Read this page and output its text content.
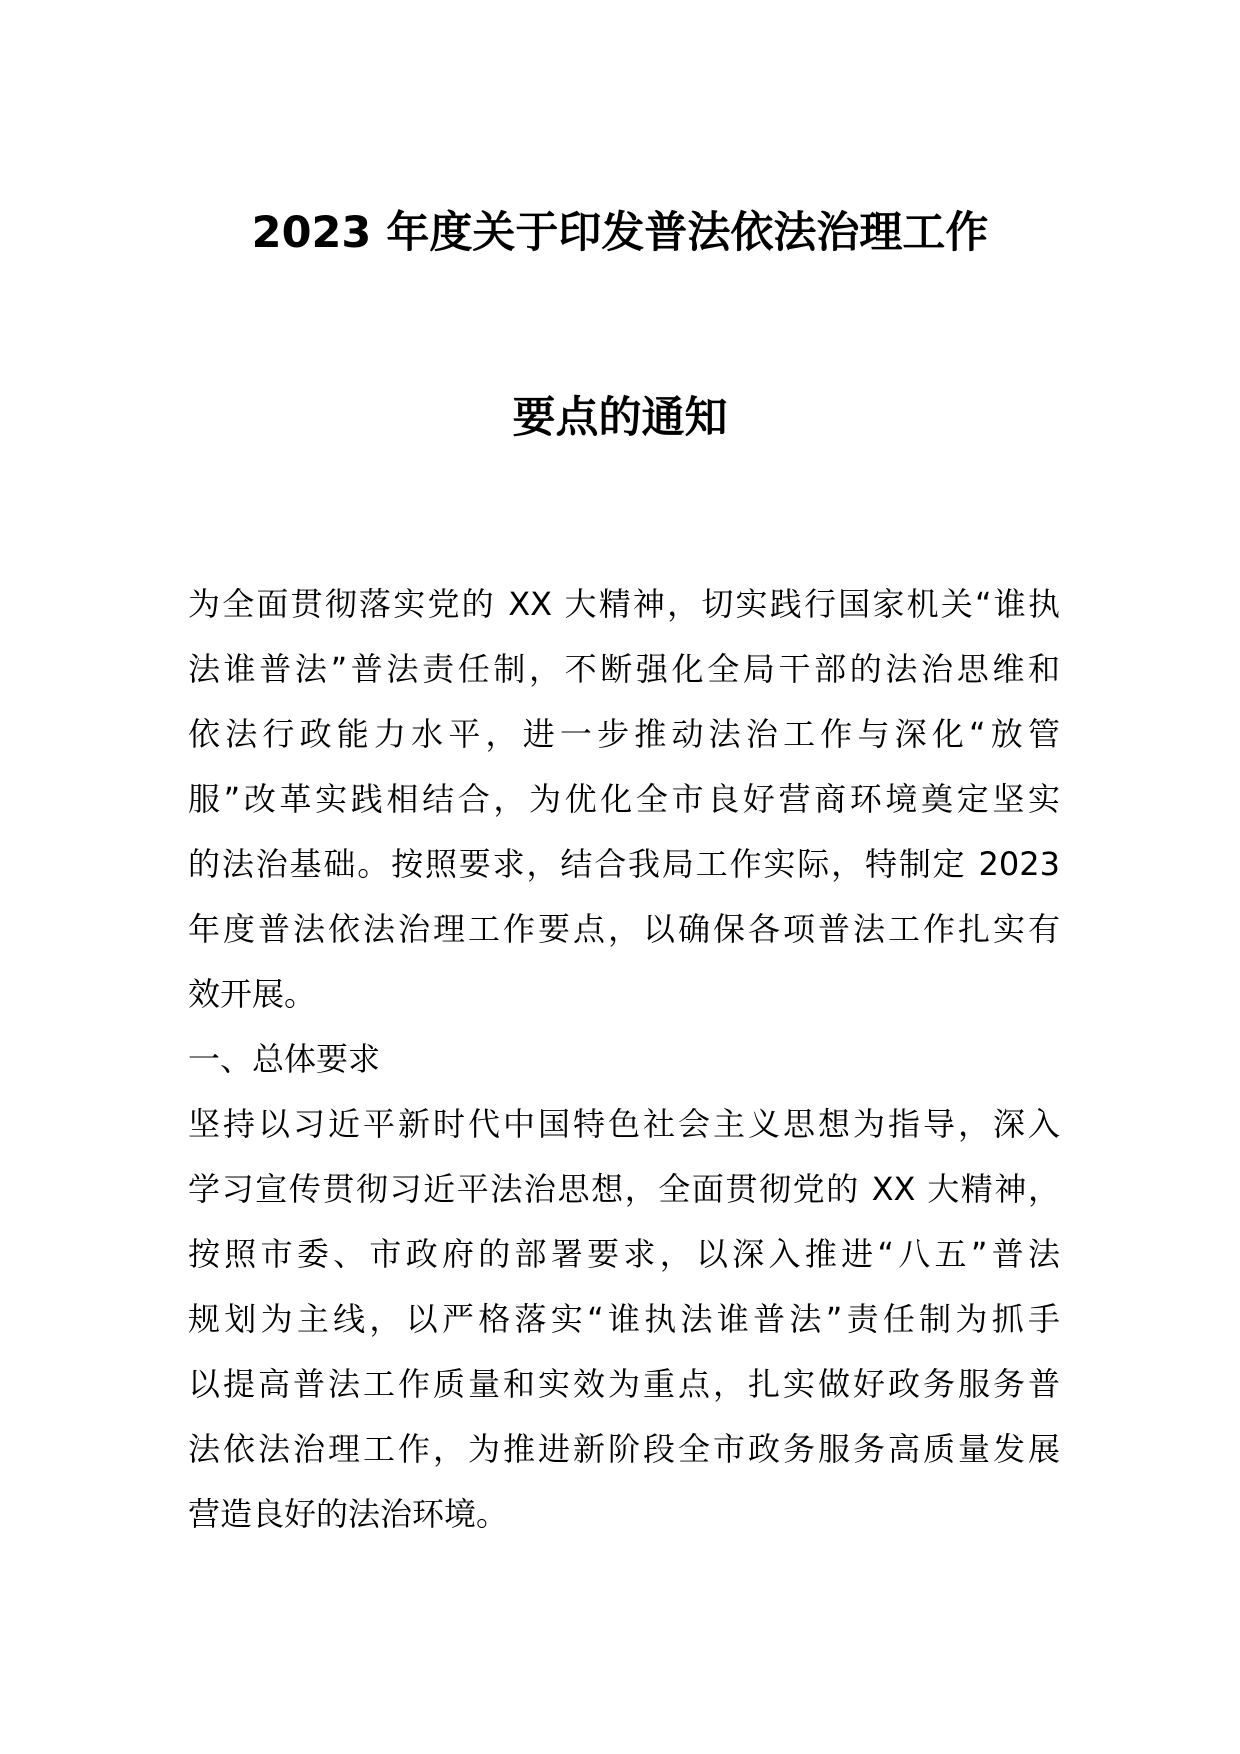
2023 年度关于印发普法依法治理工作
要点的通知
为全面贯彻落实党的 XX 大精神，切实践行国家机关“谁执
法谁普法”普法责任制，不断强化全局干部的法治思维和
依法行政能力水平，进一步推动法治工作与深化“放管
服”改革实践相结合，为优化全市良好营商环境奠定坚实
的法治基础。按照要求，结合我局工作实际，特制定 2023
年度普法依法治理工作要点，以确保各项普法工作扎实有
效开展。
一、总体要求
坚持以习近平新时代中国特色社会主义思想为指导，深入
学习宣传贯彻习近平法治思想，全面贯彻党的 XX 大精神，
按照市委、市政府的部署要求，以深入推进“八五”普法
规划为主线，以严格落实“谁执法谁普法”责任制为抓手
以提高普法工作质量和实效为重点，扎实做好政务服务普
法依法治理工作，为推进新阶段全市政务服务高质量发展
营造良好的法治环境。
